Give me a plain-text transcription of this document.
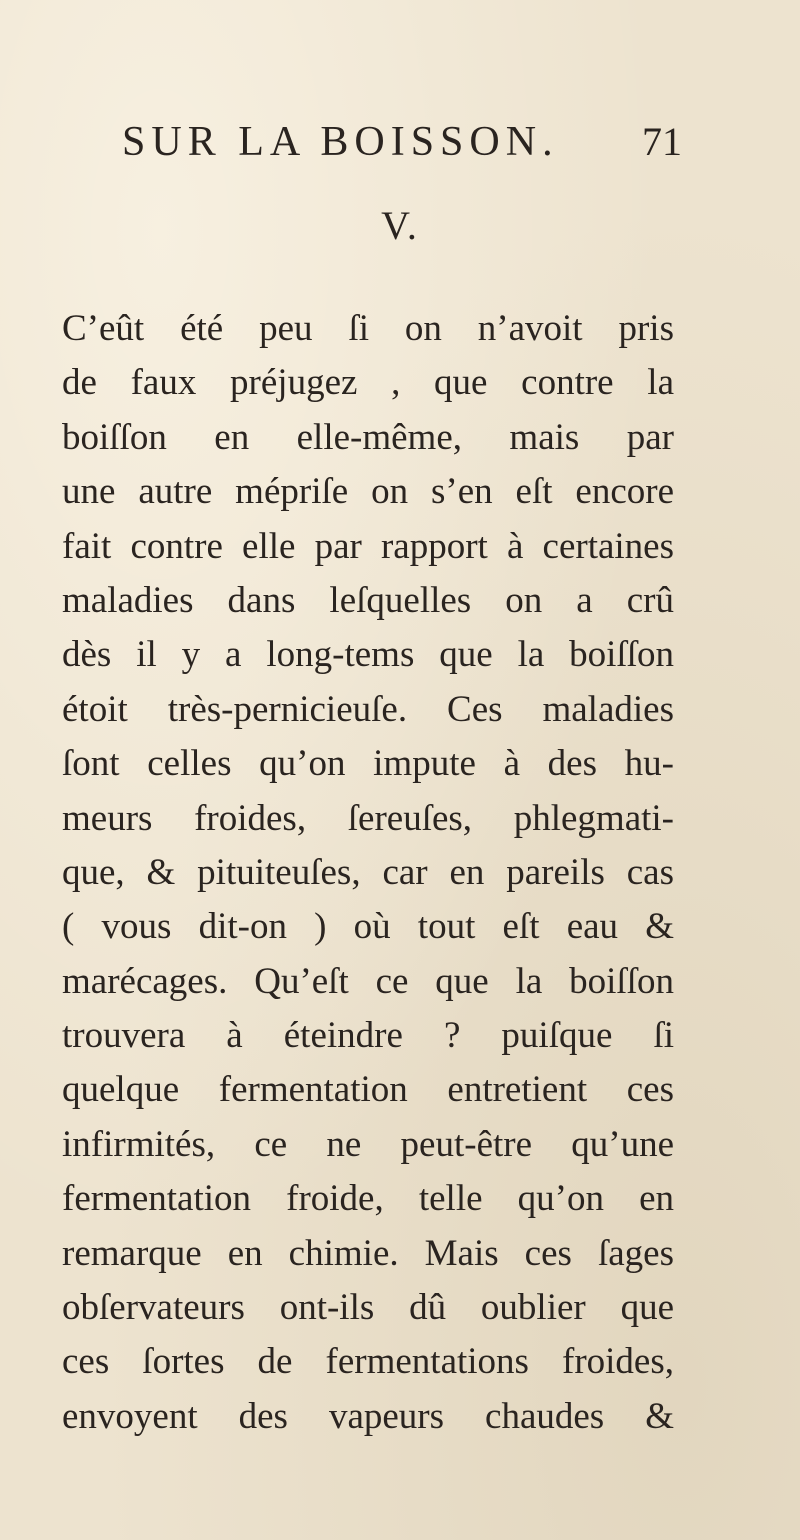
SUR LA BOISSON. 71
V.
C’eût été peu ſi on n’avoit pris
de faux préjugez , que contre la
boiſſon en elle-même, mais par
une autre mépriſe on s’en eſt encore
fait contre elle par rapport à certaines
maladies dans leſquelles on a crû
dès il y a long-tems que la boiſſon
étoit très-pernicieuſe. Ces maladies
ſont celles qu’on impute à des hu-
meurs froides, ſereuſes, phlegmati-
que, & pituiteuſes, car en pareils cas
( vous dit-on ) où tout eſt eau &
marécages. Qu’eſt ce que la boiſſon
trouvera à éteindre ? puiſque ſi
quelque fermentation entretient ces
infirmités, ce ne peut-être qu’une
fermentation froide, telle qu’on en
remarque en chimie. Mais ces ſages
obſervateurs ont-ils dû oublier que
ces ſortes de fermentations froides,
envoyent des vapeurs chaudes &
